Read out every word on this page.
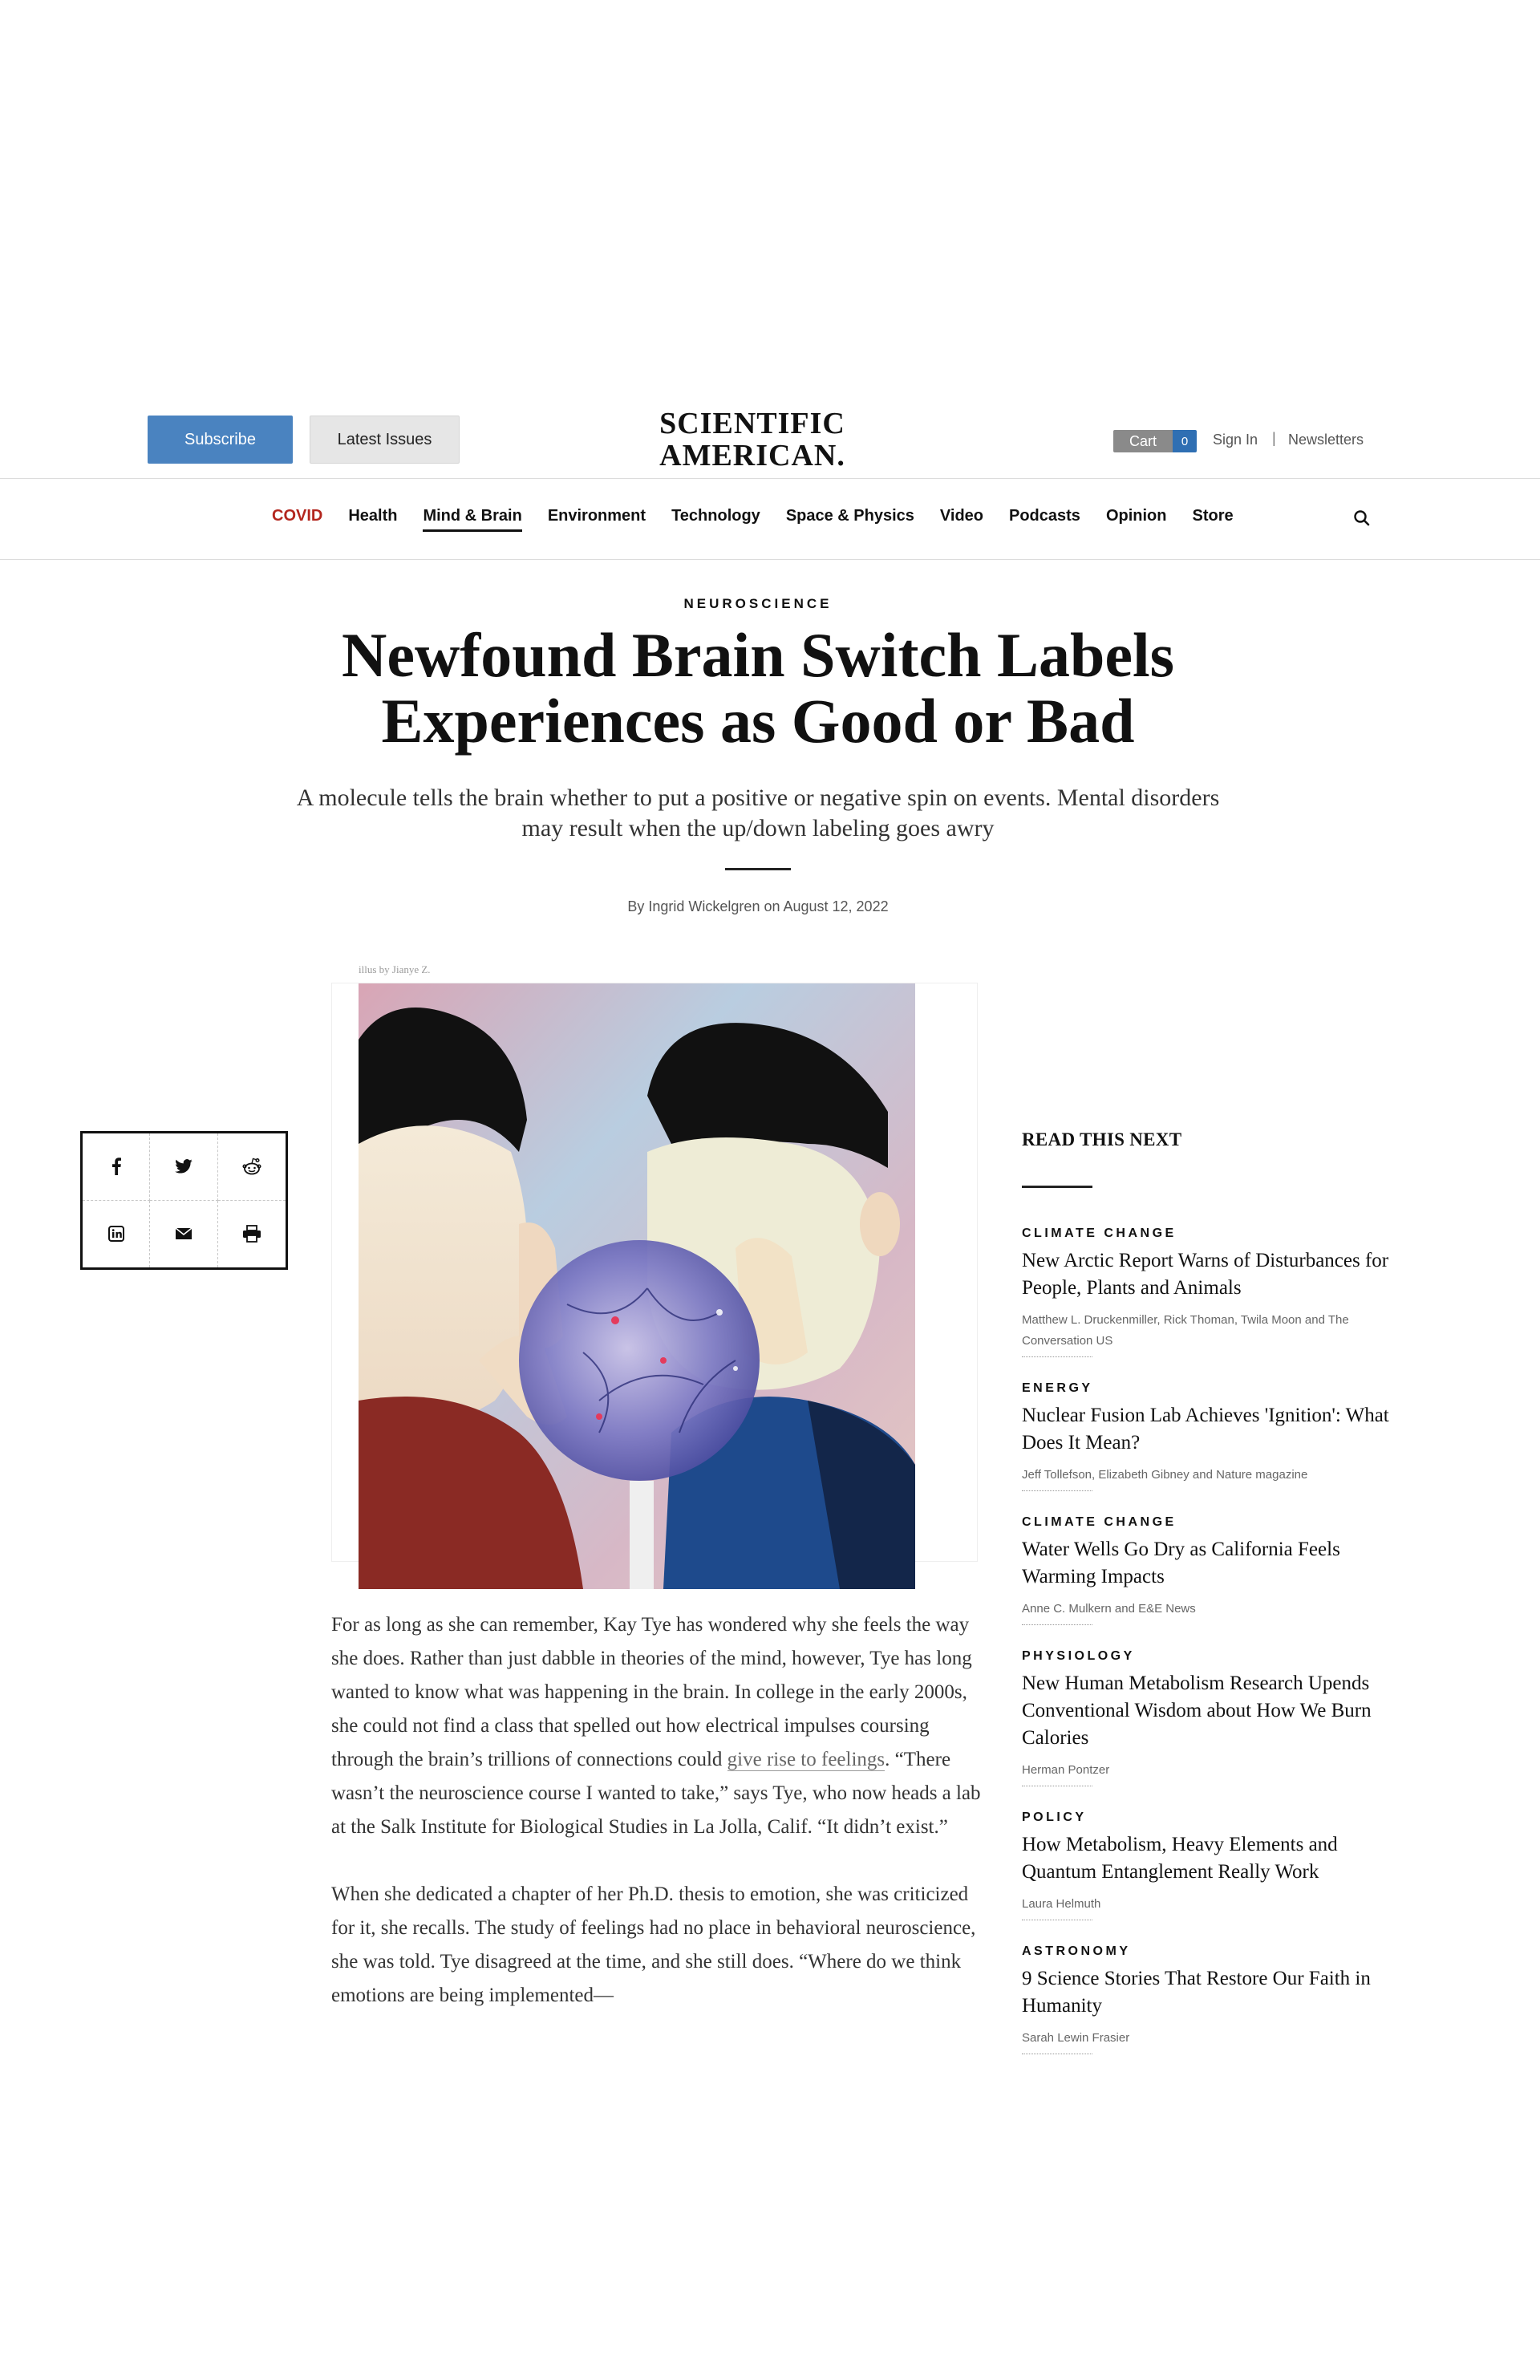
Subscribe	Latest Issues	SCIENTIFIC
AMERICAN.	Cart	0	Sign In | Newsletters
COVID Health Mind & Brain Environment Technology Space & Physics Video Podcasts Opinion Store
NEUROSCIENCE
Newfound Brain Switch Labels Experiences as Good or Bad
A molecule tells the brain whether to put a positive or negative spin on events. Mental disorders may result when the up/down labeling goes awry
By Ingrid Wickelgren on August 12, 2022
illus by Jianye Z.

For as long as she can remember, Kay Tye has wondered why she feels the way she does. Rather than just dabble in theories of the mind, however, Tye has long wanted to know what was happening in the brain. In college in the early 2000s, she could not find a class that spelled out how electrical impulses coursing through the brain’s trillions of connections could give rise to feelings. “There wasn’t the neuroscience course I wanted to take,” says Tye, who now heads a lab at the Salk Institute for Biological Studies in La Jolla, Calif. “It didn’t exist.”

When she dedicated a chapter of her Ph.D. thesis to emotion, she was criticized for it, she recalls. The study of feelings had no place in behavioral neuroscience, she was told. Tye disagreed at the time, and she still does. “Where do we think emotions are being implemented—

READ THIS NEXT
CLIMATE CHANGE
New Arctic Report Warns of Disturbances for People, Plants and Animals
Matthew L. Druckenmiller, Rick Thoman, Twila Moon and The Conversation US
ENERGY
Nuclear Fusion Lab Achieves 'Ignition': What Does It Mean?
Jeff Tollefson, Elizabeth Gibney and Nature magazine
CLIMATE CHANGE
Water Wells Go Dry as California Feels Warming Impacts
Anne C. Mulkern and E&E News
PHYSIOLOGY
New Human Metabolism Research Upends Conventional Wisdom about How We Burn Calories
Herman Pontzer
POLICY
How Metabolism, Heavy Elements and Quantum Entanglement Really Work
Laura Helmuth
ASTRONOMY
9 Science Stories That Restore Our Faith in Humanity
Sarah Lewin Frasier
